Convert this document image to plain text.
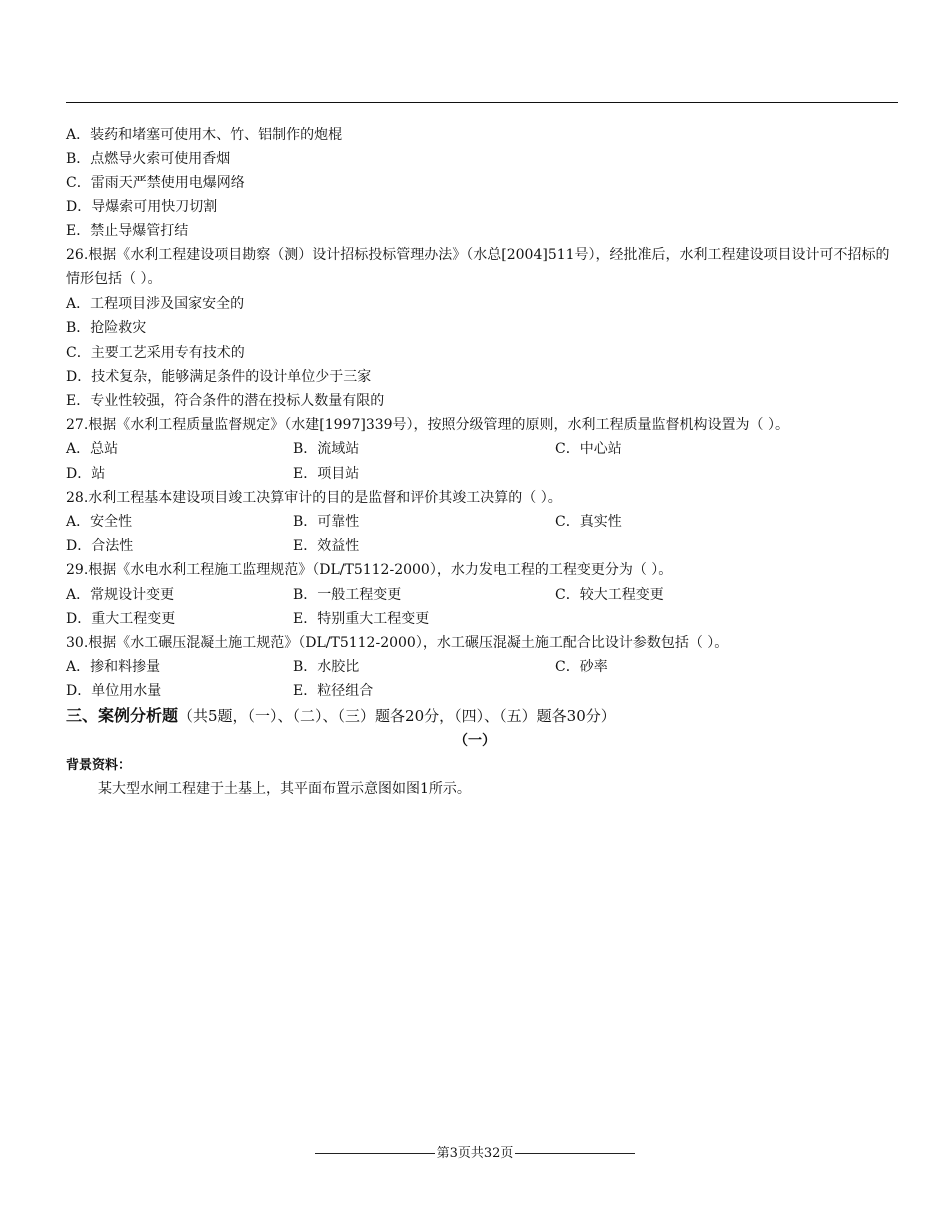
A．装药和堵塞可使用木、竹、铝制作的炮棍
B．点燃导火索可使用香烟
C．雷雨天严禁使用电爆网络
D．导爆索可用快刀切割
E．禁止导爆管打结
26.根据《水利工程建设项目勘察（测）设计招标投标管理办法》（水总[2004]511号），经批准后，水利工程建设项目设计可不招标的情形包括（ ）。
A．工程项目涉及国家安全的
B．抢险救灾
C．主要工艺采用专有技术的
D．技术复杂，能够满足条件的设计单位少于三家
E．专业性较强，符合条件的潜在投标人数量有限的
27.根据《水利工程质量监督规定》（水建[1997]339号），按照分级管理的原则，水利工程质量监督机构设置为（ ）。
A．总站	B．流域站	C．中心站
D．站	E．项目站
28.水利工程基本建设项目竣工决算审计的目的是监督和评价其竣工决算的（ ）。
A．安全性	B．可靠性	C．真实性
D．合法性	E．效益性
29.根据《水电水利工程施工监理规范》（DL/T5112-2000），水力发电工程的工程变更分为（ ）。
A．常规设计变更	B．一般工程变更	C．较大工程变更
D．重大工程变更	E．特别重大工程变更
30.根据《水工碾压混凝土施工规范》（DL/T5112-2000），水工碾压混凝土施工配合比设计参数包括（ ）。
A．掺和料掺量	B．水胶比	C．砂率
D．单位用水量	E．粒径组合
三、案例分析题（共5题，（一）、（二）、（三）题各20分，（四）、（五）题各30分）
（一）
背景资料：
某大型水闸工程建于土基上，其平面布置示意图如图1所示。
第3页共32页
